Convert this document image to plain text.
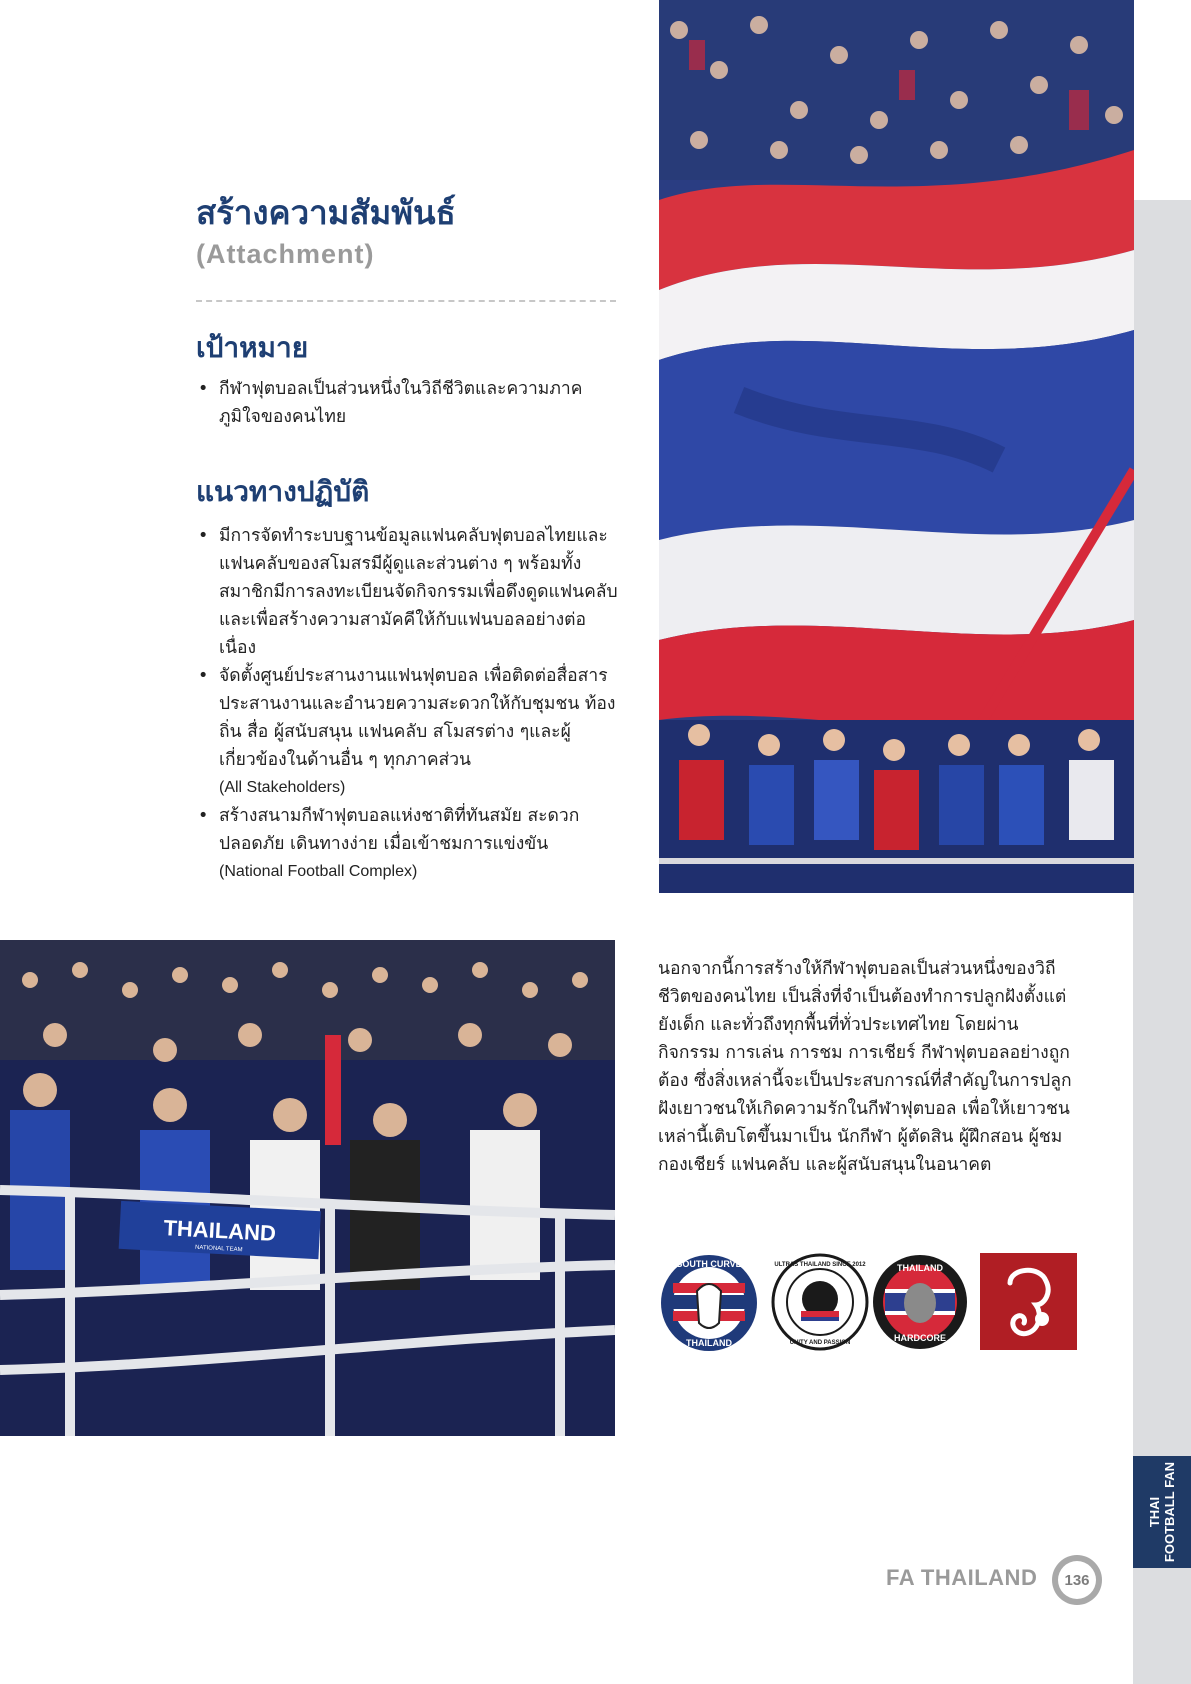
THAI FOOTBALL FAN
สร้างความสัมพันธ์

(Attachment)

เป้าหมาย
• กีฬาฟุตบอลเป็นส่วนหนึ่งในวิถีชีวิตและความภาคภูมิใจของคนไทย
แนวทางปฏิบัติ
• มีการจัดทำระบบฐานข้อมูลแฟนคลับฟุตบอลไทยและแฟนคลับของสโมสรมีผู้ดูและส่วนต่าง ๆ พร้อมทั้งสมาชิกมีการลงทะเบียนจัดกิจกรรมเพื่อดึงดูดแฟนคลับและเพื่อสร้างความสามัคคีให้กับแฟนบอลอย่างต่อเนื่อง
• จัดตั้งศูนย์ประสานงานแฟนฟุตบอล เพื่อติดต่อสื่อสารประสานงานและอำนวยความสะดวกให้กับชุมชน ท้องถิ่น สื่อ ผู้สนับสนุน แฟนคลับ สโมสรต่าง ๆและผู้เกี่ยวข้องในด้านอื่น ๆ ทุกภาคส่วน
(All Stakeholders)
• สร้างสนามกีฬาฟุตบอลแห่งชาติที่ทันสมัย สะดวกปลอดภัย เดินทางง่าย เมื่อเข้าชมการแข่งขัน
(National Football Complex)
THAILAND
NATIONAL TEAM

นอกจากนี้การสร้างให้กีฬาฟุตบอลเป็นส่วนหนึ่งของวิถีชีวิตของคนไทย เป็นสิ่งที่จำเป็นต้องทำการปลูกฝังตั้งแต่ยังเด็ก และทั่วถึงทุกพื้นที่ทั่วประเทศไทย โดยผ่านกิจกรรม การเล่น การชม การเชียร์ กีฬาฟุตบอลอย่างถูกต้อง ซึ่งสิ่งเหล่านี้จะเป็นประสบการณ์ที่สำคัญในการปลูกฝังเยาวชนให้เกิดความรักในกีฬาฟุตบอล เพื่อให้เยาวชนเหล่านี้เติบโตขึ้นมาเป็น นักกีฬา ผู้ตัดสิน ผู้ฝึกสอน ผู้ชม กองเชียร์ แฟนคลับ และผู้สนับสนุนในอนาคต

SOUTH CURVE
THAILAND
ULTRAS THAILAND SINCE 2012
UNITY AND PASSION
THAILAND
HARDCORE
FA THAILAND	136
